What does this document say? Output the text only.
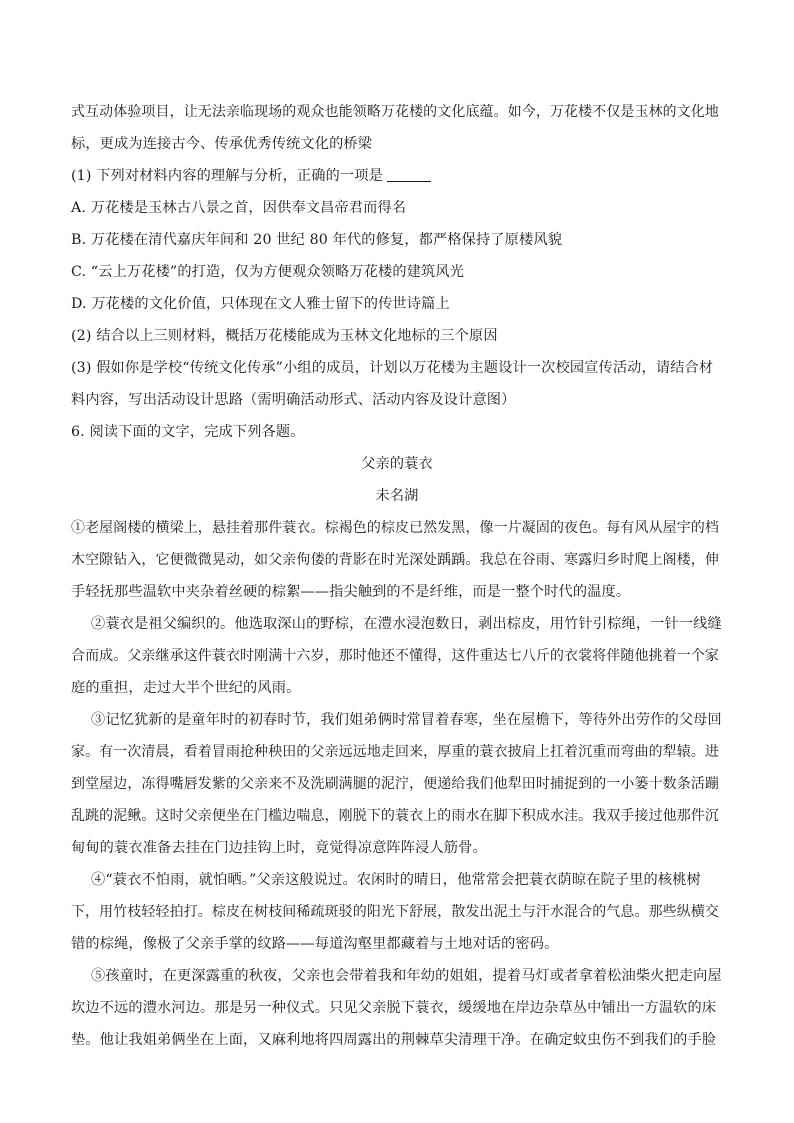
式互动体验项目，让无法亲临现场的观众也能领略万花楼的文化底蕴。如今，万花楼不仅是玉林的文化地
标，更成为连接古今、传承优秀传统文化的桥梁
(1) 下列对材料内容的理解与分析，正确的一项是
A. 万花楼是玉林古八景之首，因供奉文昌帝君而得名
B. 万花楼在清代嘉庆年间和 20 世纪 80 年代的修复，都严格保持了原楼风貌
C. “云上万花楼”的打造，仅为方便观众领略万花楼的建筑风光
D. 万花楼的文化价值，只体现在文人雅士留下的传世诗篇上
(2) 结合以上三则材料，概括万花楼能成为玉林文化地标的三个原因
(3) 假如你是学校“传统文化传承”小组的成员，计划以万花楼为主题设计一次校园宣传活动，请结合材
料内容，写出活动设计思路（需明确活动形式、活动内容及设计意图）
6. 阅读下面的文字，完成下列各题。
父亲的蓑衣
未名湖
①老屋阁楼的横梁上，悬挂着那件蓑衣。棕褐色的棕皮已然发黑，像一片凝固的夜色。每有风从屋宇的档
木空隙钻入，它便微微晃动，如父亲佝偻的背影在时光深处踽踽。我总在谷雨、寒露归乡时爬上阁楼，伸
手轻抚那些温软中夹杂着丝硬的棕絮——指尖触到的不是纤维，而是一整个时代的温度。
②蓑衣是祖父编织的。他选取深山的野棕，在澧水浸泡数日，剥出棕皮，用竹针引棕绳，一针一线缝
合而成。父亲继承这件蓑衣时刚满十六岁，那时他还不懂得，这件重达七八斤的衣裳将伴随他挑着一个家
庭的重担，走过大半个世纪的风雨。
③记忆犹新的是童年时的初春时节，我们姐弟俩时常冒着春寒，坐在屋檐下，等待外出劳作的父母回
家。有一次清晨，看着冒雨抢种秧田的父亲远远地走回来，厚重的蓑衣披肩上扛着沉重而弯曲的犁辕。进
到堂屋边，冻得嘴唇发紫的父亲来不及洗刷满腿的泥泞，便递给我们他犁田时捕捉到的一小篓十数条活蹦
乱跳的泥鳅。这时父亲便坐在门槛边喘息，刚脱下的蓑衣上的雨水在脚下积成水洼。我双手接过他那件沉
甸甸的蓑衣准备去挂在门边挂钩上时，竟觉得凉意阵阵浸人筋骨。
④“蓑衣不怕雨，就怕晒。”父亲这般说过。农闲时的晴日，他常常会把蓑衣荫晾在院子里的核桃树
下，用竹枝轻轻拍打。棕皮在树枝间稀疏斑驳的阳光下舒展，散发出泥土与汗水混合的气息。那些纵横交
错的棕绳，像极了父亲手掌的纹路——每道沟壑里都藏着与土地对话的密码。
⑤孩童时，在更深露重的秋夜，父亲也会带着我和年幼的姐姐，提着马灯或者拿着松油柴火把走向屋
坎边不远的澧水河边。那是另一种仪式。只见父亲脱下蓑衣，缓缓地在岸边杂草丛中铺出一方温软的床
垫。他让我姐弟俩坐在上面，又麻利地将四周露出的荆棘草尖清理干净。在确定蚊虫伤不到我们的手脸
